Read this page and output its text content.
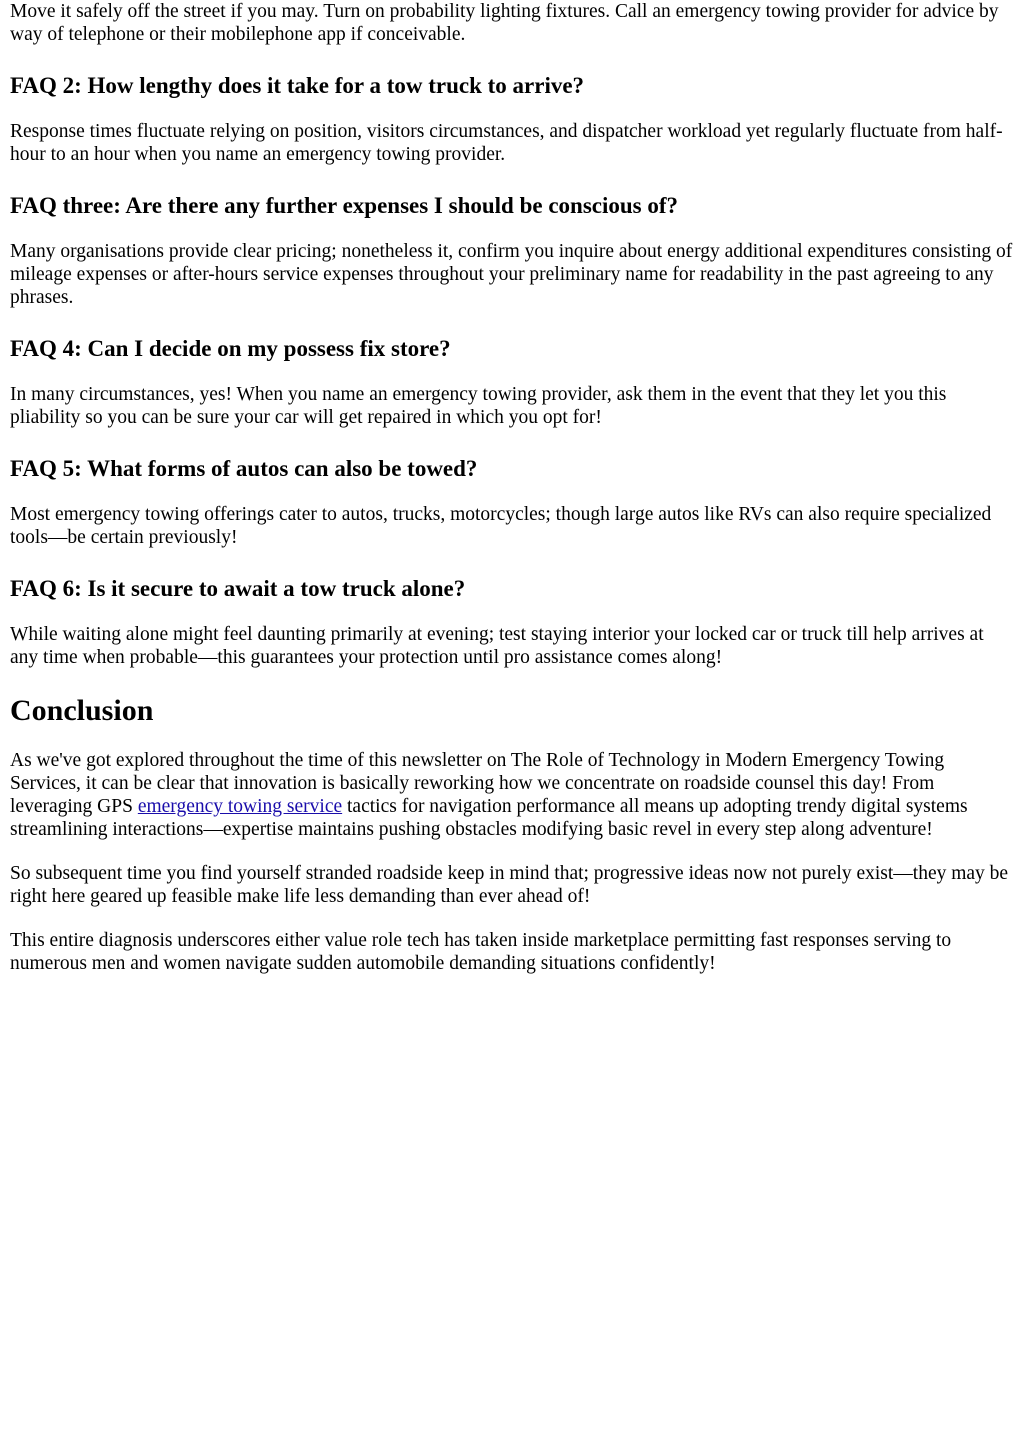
Move it safely off the street if you may. Turn on probability lighting fixtures. Call an emergency towing provider for advice by way of telephone or their mobilephone app if conceivable.

FAQ 2: How lengthy does it take for a tow truck to arrive?

Response times fluctuate relying on position, visitors circumstances, and dispatcher workload yet regularly fluctuate from half-hour to an hour when you name an emergency towing provider.

FAQ three: Are there any further expenses I should be conscious of?

Many organisations provide clear pricing; nonetheless it, confirm you inquire about energy additional expenditures consisting of mileage expenses or after-hours service expenses throughout your preliminary name for readability in the past agreeing to any phrases.

FAQ 4: Can I decide on my possess fix store?

In many circumstances, yes! When you name an emergency towing provider, ask them in the event that they let you this pliability so you can be sure your car will get repaired in which you opt for!

FAQ 5: What forms of autos can also be towed?

Most emergency towing offerings cater to autos, trucks, motorcycles; though large autos like RVs can also require specialized tools—be certain previously!

FAQ 6: Is it secure to await a tow truck alone?

While waiting alone might feel daunting primarily at evening; test staying interior your locked car or truck till help arrives at any time when probable—this guarantees your protection until pro assistance comes along!

Conclusion

As we've got explored throughout the time of this newsletter on The Role of Technology in Modern Emergency Towing Services, it can be clear that innovation is basically reworking how we concentrate on roadside counsel this day! From leveraging GPS emergency towing service tactics for navigation performance all means up adopting trendy digital systems streamlining interactions—expertise maintains pushing obstacles modifying basic revel in every step along adventure!

So subsequent time you find yourself stranded roadside keep in mind that; progressive ideas now not purely exist—they may be right here geared up feasible make life less demanding than ever ahead of!

This entire diagnosis underscores either value role tech has taken inside marketplace permitting fast responses serving to numerous men and women navigate sudden automobile demanding situations confidently!
